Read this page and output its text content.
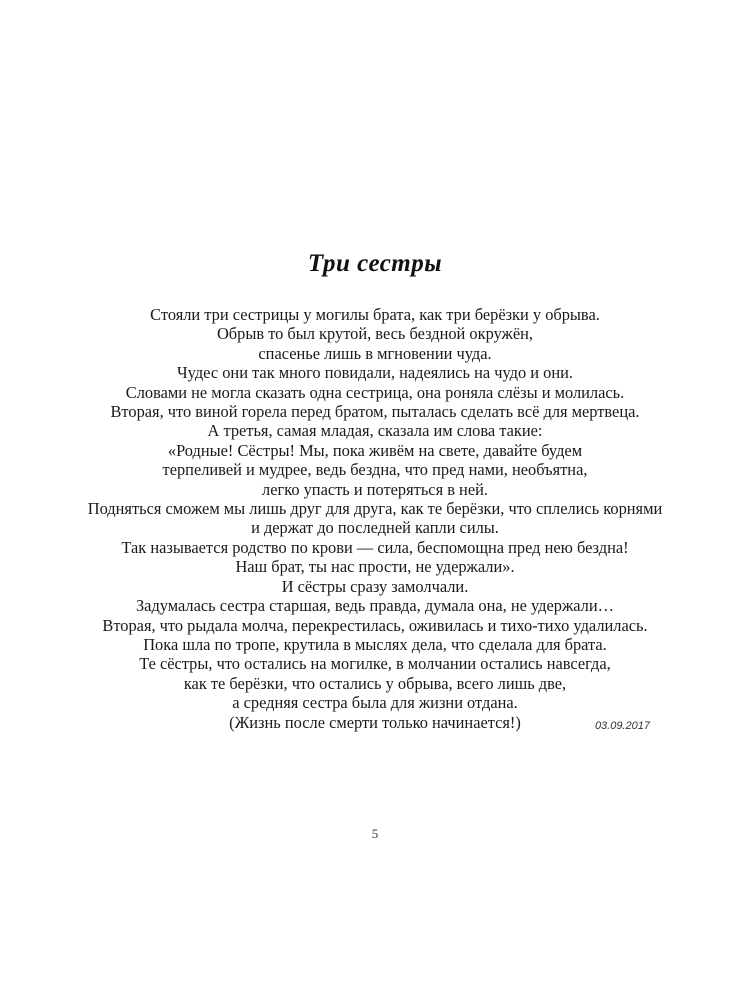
Три сестры
Стояли три сестрицы у могилы брата, как три берёзки у обрыва.
Обрыв то был крутой, весь бездной окружён,
спасенье лишь в мгновении чуда.
Чудес они так много повидали, надеялись на чудо и они.
Словами не могла сказать одна сестрица, она роняла слёзы и молилась.
Вторая, что виной горела перед братом, пыталась сделать всё для мертвеца.
А третья, самая младая, сказала им слова такие:
«Родные! Сёстры! Мы, пока живём на свете, давайте будем
терпеливей и мудрее, ведь бездна, что пред нами, необъятна,
легко упасть и потеряться в ней.
Подняться сможем мы лишь друг для друга, как те берёзки, что сплелись корнями
и держат до последней капли силы.
Так называется родство по крови — сила, беспомощна пред нею бездна!
Наш брат, ты нас прости, не удержали».
И сёстры сразу замолчали.
Задумалась сестра старшая, ведь правда, думала она, не удержали…
Вторая, что рыдала молча, перекрестилась, оживилась и тихо-тихо удалилась.
Пока шла по тропе, крутила в мыслях дела, что сделала для брата.
Те сёстры, что остались на могилке, в молчании остались навсегда,
как те берёзки, что остались у обрыва, всего лишь две,
а средняя сестра была для жизни отдана.
(Жизнь после смерти только начинается!)	03.09.2017
5
